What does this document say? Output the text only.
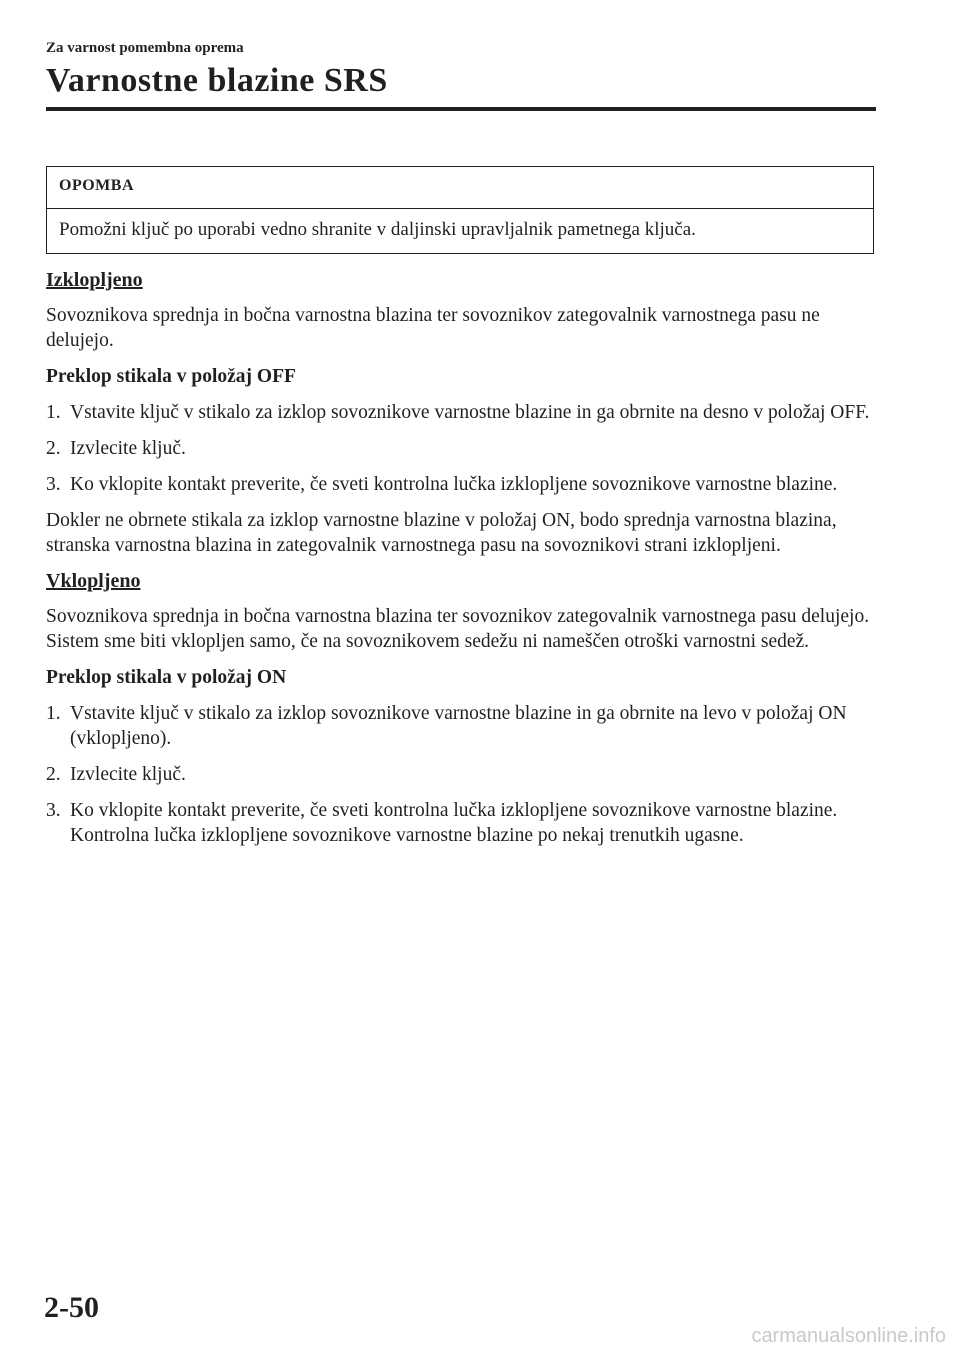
Za varnost pomembna oprema
Varnostne blazine SRS
OPOMBA
Pomožni ključ po uporabi vedno shranite v daljinski upravljalnik pametnega ključa.

Izklopljeno

Sovoznikova sprednja in bočna varnostna blazina ter sovoznikov zategovalnik varnostnega pasu ne delujejo.

Preklop stikala v položaj OFF

1. Vstavite ključ v stikalo za izklop sovoznikove varnostne blazine in ga obrnite na desno v položaj OFF.
2. Izvlecite ključ.
3. Ko vklopite kontakt preverite, če sveti kontrolna lučka izklopljene sovoznikove varnostne blazine.

Dokler ne obrnete stikala za izklop varnostne blazine v položaj ON, bodo sprednja varnostna blazina, stranska varnostna blazina in zategovalnik varnostnega pasu na sovoznikovi strani izklopljeni.

Vklopljeno

Sovoznikova sprednja in bočna varnostna blazina ter sovoznikov zategovalnik varnostnega pasu delujejo. Sistem sme biti vklopljen samo, če na sovoznikovem sedežu ni nameščen otroški varnostni sedež.

Preklop stikala v položaj ON

1. Vstavite ključ v stikalo za izklop sovoznikove varnostne blazine in ga obrnite na levo v položaj ON (vklopljeno).
2. Izvlecite ključ.
3. Ko vklopite kontakt preverite, če sveti kontrolna lučka izklopljene sovoznikove varnostne blazine. Kontrolna lučka izklopljene sovoznikove varnostne blazine po nekaj trenutkih ugasne.
2-50
carmanualsonline.info
